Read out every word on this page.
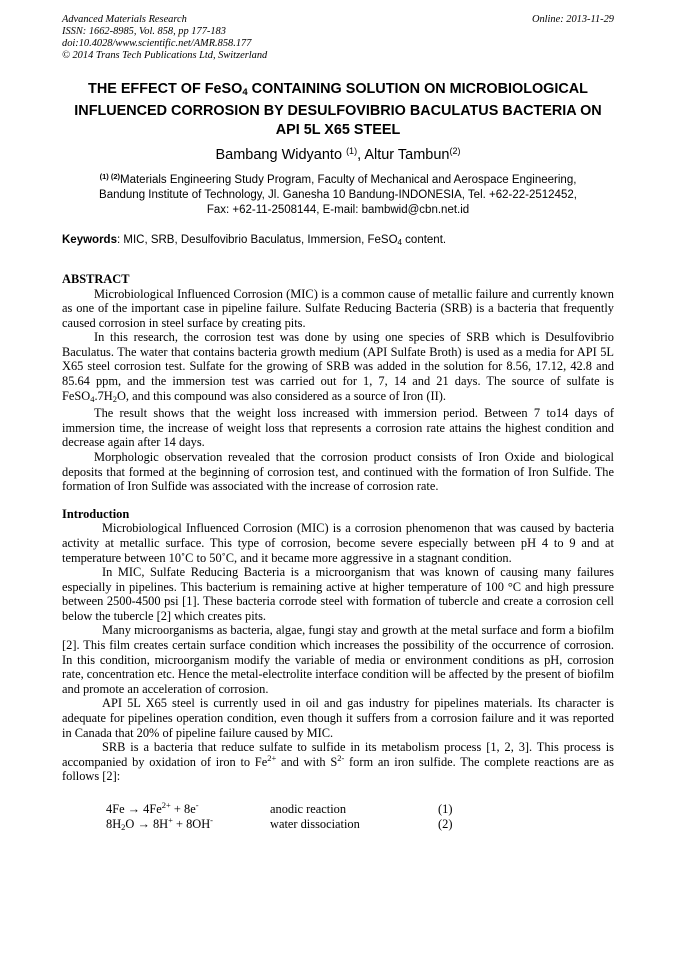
Advanced Materials Research
ISSN: 1662-8985, Vol. 858, pp 177-183
doi:10.4028/www.scientific.net/AMR.858.177
© 2014 Trans Tech Publications Ltd, Switzerland
Online: 2013-11-29
THE EFFECT OF FeSO$_4$ CONTAINING SOLUTION ON MICROBIOLOGICAL INFLUENCED CORROSION BY DESULFOVIBRIO BACULATUS BACTERIA ON API 5L X65 STEEL
Bambang Widyanto $^{(1)}$, Altur Tambun$^{(2)}$
$^{(1) (2)}$Materials Engineering Study Program, Faculty of Mechanical and Aerospace Engineering,
Bandung Institute of Technology, Jl. Ganesha 10 Bandung-INDONESIA, Tel. +62-22-2512452,
Fax: +62-11-2508144, E-mail: bambwid@cbn.net.id
Keywords: MIC, SRB, Desulfovibrio Baculatus, Immersion, FeSO$_4$ content.
ABSTRACT

Microbiological Influenced Corrosion (MIC) is a common cause of metallic failure and currently known as one of the important case in pipeline failure. Sulfate Reducing Bacteria (SRB) is a bacteria that frequently caused corrosion in steel surface by creating pits.

In this research, the corrosion test was done by using one species of SRB which is Desulfovibrio Baculatus. The water that contains bacteria growth medium (API Sulfate Broth) is used as a media for API 5L X65 steel corrosion test. Sulfate for the growing of SRB was added in the solution for 8.56, 17.12, 42.8 and 85.64 ppm, and the immersion test was carried out for 1, 7, 14 and 21 days. The source of sulfate is $FeSO_4.7H_2O$, and this compound was also considered as a source of Iron (II).

The result shows that the weight loss increased with immersion period. Between 7 to14 days of immersion time, the increase of weight loss that represents a corrosion rate attains the highest condition and decrease again after 14 days.

Morphologic observation revealed that the corrosion product consists of Iron Oxide and biological deposits that formed at the beginning of corrosion test, and continued with the formation of Iron Sulfide. The formation of Iron Sulfide was associated with the increase of corrosion rate.

Introduction

Microbiological Influenced Corrosion (MIC) is a corrosion phenomenon that was caused by bacteria activity at metallic surface. This type of corrosion, become severe especially between pH 4 to 9 and at temperature between 10˚C to 50˚C, and it became more aggressive in a stagnant condition.

In MIC, Sulfate Reducing Bacteria is a microorganism that was known of causing many failures especially in pipelines. This bacterium is remaining active at higher temperature of 100 °C and high pressure between 2500-4500 psi [1]. These bacteria corrode steel with formation of tubercle and create a corrosion cell below the tubercle [2] which creates pits.

Many microorganisms as bacteria, algae, fungi stay and growth at the metal surface and form a biofilm [2]. This film creates certain surface condition which increases the possibility of the occurrence of corrosion. In this condition, microorganism modify the variable of media or environment conditions as pH, corrosion rate, concentration etc. Hence the metal-electrolite interface condition will be affected by the present of biofilm and promote an acceleration of corrosion.

API 5L X65 steel is currently used in oil and gas industry for pipelines materials. Its character is adequate for pipelines operation condition, even though it suffers from a corrosion failure and it was reported in Canada that 20% of pipeline failure caused by MIC.

SRB is a bacteria that reduce sulfate to sulfide in its metabolism process [1, 2, 3]. This process is accompanied by oxidation of iron to $Fe^{2+}$ and with $S^{2-}$ form an iron sulfide. The complete reactions are as follows [2]:

$4Fe \to 4Fe^{2+} + 8e^-$	anodic reaction	(1)
$8H_2O \to 8H^+ + 8OH^-$	water dissociation	(2)
